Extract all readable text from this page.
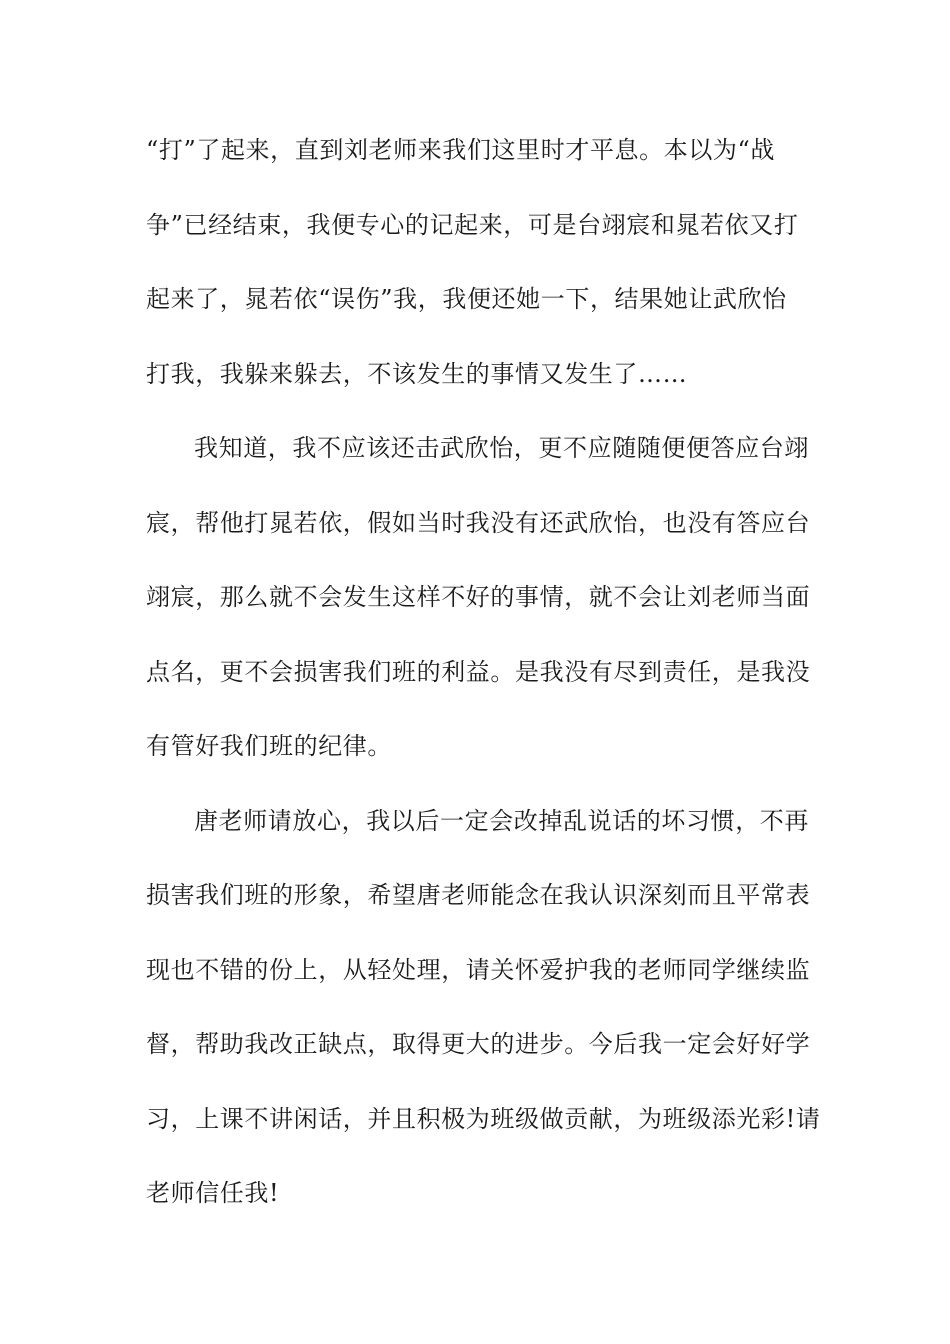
“打”了起来，直到刘老师来我们这里时才平息。本以为“战
争”已经结束，我便专心的记起来，可是台翊宸和晁若依又打
起来了，晁若依“误伤”我，我便还她一下，结果她让武欣怡
打我，我躲来躲去，不该发生的事情又发生了……
我知道，我不应该还击武欣怡，更不应随随便便答应台翊
宸，帮他打晁若依，假如当时我没有还武欣怡，也没有答应台
翊宸，那么就不会发生这样不好的事情，就不会让刘老师当面
点名，更不会损害我们班的利益。是我没有尽到责任，是我没
有管好我们班的纪律。
唐老师请放心，我以后一定会改掉乱说话的坏习惯，不再
损害我们班的形象，希望唐老师能念在我认识深刻而且平常表
现也不错的份上，从轻处理，请关怀爱护我的老师同学继续监
督，帮助我改正缺点，取得更大的进步。今后我一定会好好学
习，上课不讲闲话，并且积极为班级做贡献，为班级添光彩!请
老师信任我!
